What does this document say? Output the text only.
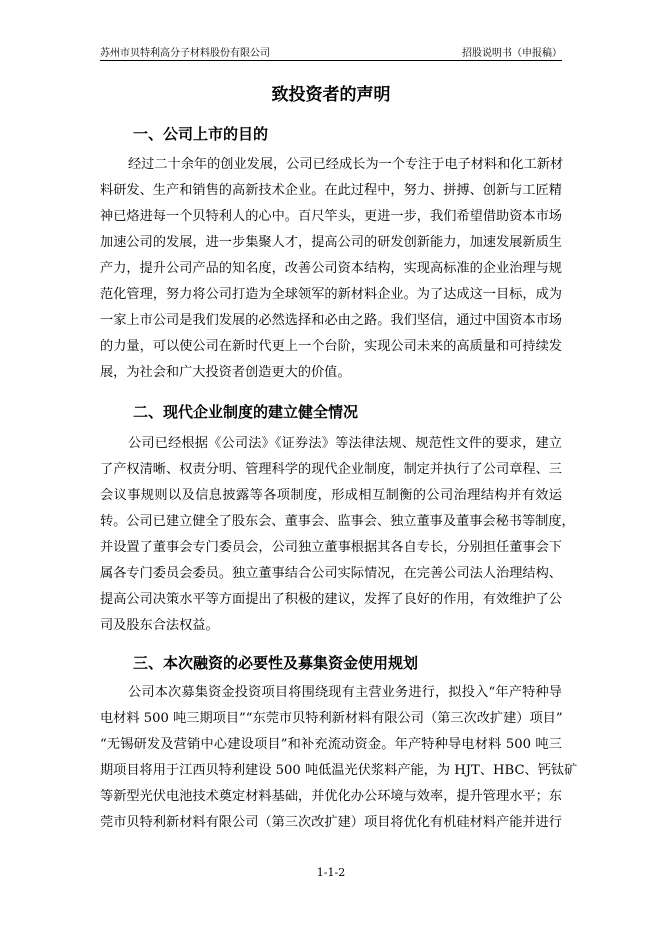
苏州市贝特利高分子材料股份有限公司	招股说明书（申报稿）
致投资者的声明
一、公司上市的目的
经过二十余年的创业发展，公司已经成长为一个专注于电子材料和化工新材
料研发、生产和销售的高新技术企业。在此过程中，努力、拼搏、创新与工匠精
神已烙进每一个贝特利人的心中。百尺竿头，更进一步，我们希望借助资本市场
加速公司的发展，进一步集聚人才，提高公司的研发创新能力，加速发展新质生
产力，提升公司产品的知名度，改善公司资本结构，实现高标准的企业治理与规
范化管理，努力将公司打造为全球领军的新材料企业。为了达成这一目标，成为
一家上市公司是我们发展的必然选择和必由之路。我们坚信，通过中国资本市场
的力量，可以使公司在新时代更上一个台阶，实现公司未来的高质量和可持续发
展，为社会和广大投资者创造更大的价值。
二、现代企业制度的建立健全情况
公司已经根据《公司法》《证券法》等法律法规、规范性文件的要求，建立
了产权清晰、权责分明、管理科学的现代企业制度，制定并执行了公司章程、三
会议事规则以及信息披露等各项制度，形成相互制衡的公司治理结构并有效运
转。公司已建立健全了股东会、董事会、监事会、独立董事及董事会秘书等制度，
并设置了董事会专门委员会，公司独立董事根据其各自专长，分别担任董事会下
属各专门委员会委员。独立董事结合公司实际情况，在完善公司法人治理结构、
提高公司决策水平等方面提出了积极的建议，发挥了良好的作用，有效维护了公
司及股东合法权益。
三、本次融资的必要性及募集资金使用规划
公司本次募集资金投资项目将围绕现有主营业务进行，拟投入“年产特种导
电材料 500 吨三期项目”“东莞市贝特利新材料有限公司（第三次改扩建）项目”
“无锡研发及营销中心建设项目”和补充流动资金。年产特种导电材料 500 吨三
期项目将用于江西贝特利建设 500 吨低温光伏浆料产能，为 HJT、HBC、钙钛矿
等新型光伏电池技术奠定材料基础，并优化办公环境与效率，提升管理水平；东
莞市贝特利新材料有限公司（第三次改扩建）项目将优化有机硅材料产能并进行
1-1-2
